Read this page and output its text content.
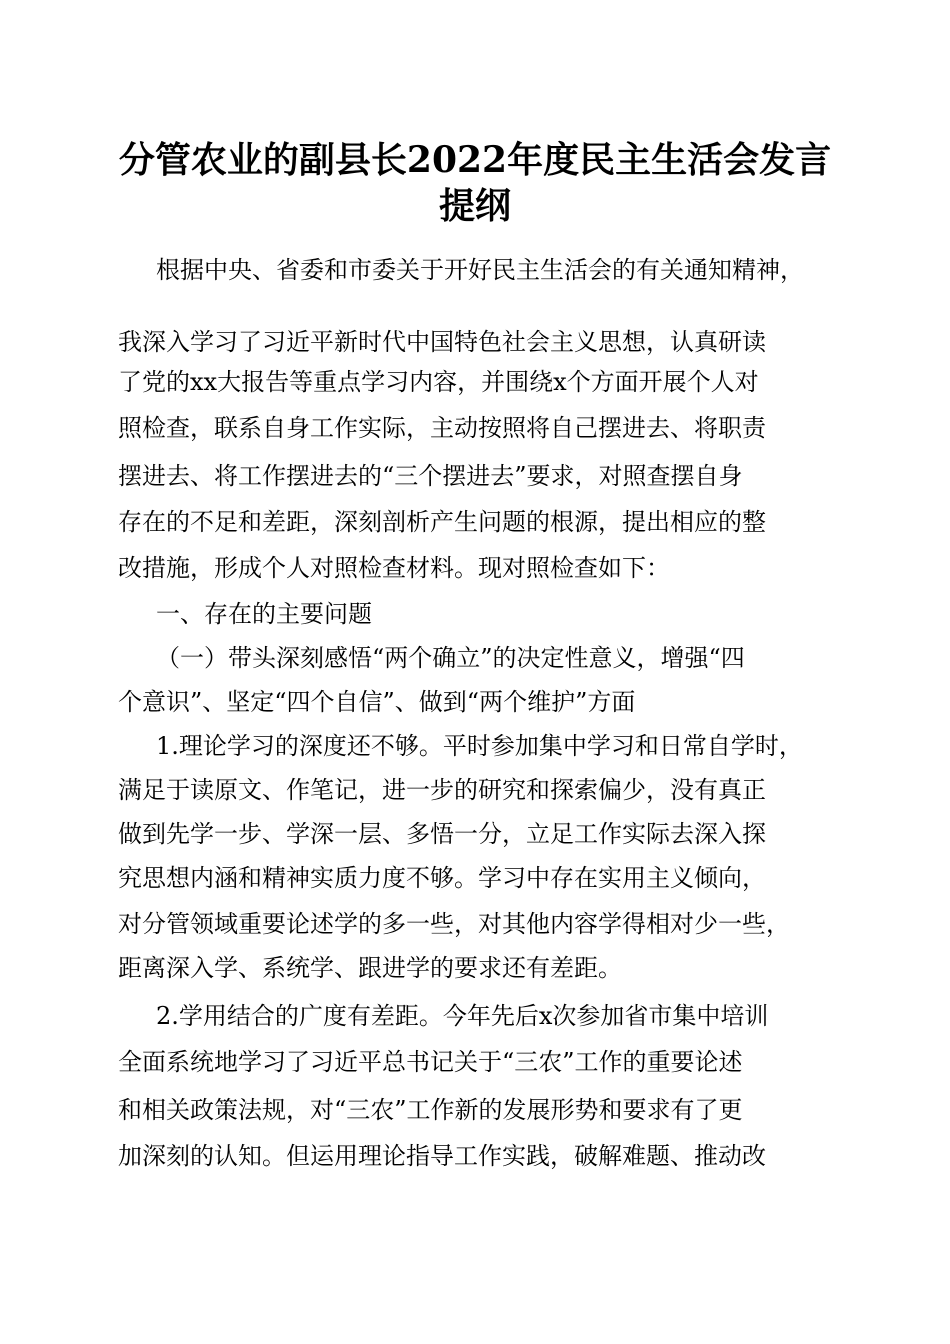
分管农业的副县长2022年度民主生活会发言
提纲
根据中央、省委和市委关于开好民主生活会的有关通知精神，
我深入学习了习近平新时代中国特色社会主义思想，认真研读
了党的xx大报告等重点学习内容，并围绕x个方面开展个人对
照检查，联系自身工作实际，主动按照将自己摆进去、将职责
摆进去、将工作摆进去的“三个摆进去”要求，对照查摆自身
存在的不足和差距，深刻剖析产生问题的根源，提出相应的整
改措施，形成个人对照检查材料。现对照检查如下：
一、存在的主要问题
（一）带头深刻感悟“两个确立”的决定性意义，增强“四
个意识”、坚定“四个自信”、做到“两个维护”方面
1.理论学习的深度还不够。平时参加集中学习和日常自学时，
满足于读原文、作笔记，进一步的研究和探索偏少，没有真正
做到先学一步、学深一层、多悟一分，立足工作实际去深入探
究思想内涵和精神实质力度不够。学习中存在实用主义倾向，
对分管领域重要论述学的多一些，对其他内容学得相对少一些，
距离深入学、系统学、跟进学的要求还有差距。
2.学用结合的广度有差距。今年先后x次参加省市集中培训
全面系统地学习了习近平总书记关于“三农”工作的重要论述
和相关政策法规，对“三农”工作新的发展形势和要求有了更
加深刻的认知。但运用理论指导工作实践，破解难题、推动改
